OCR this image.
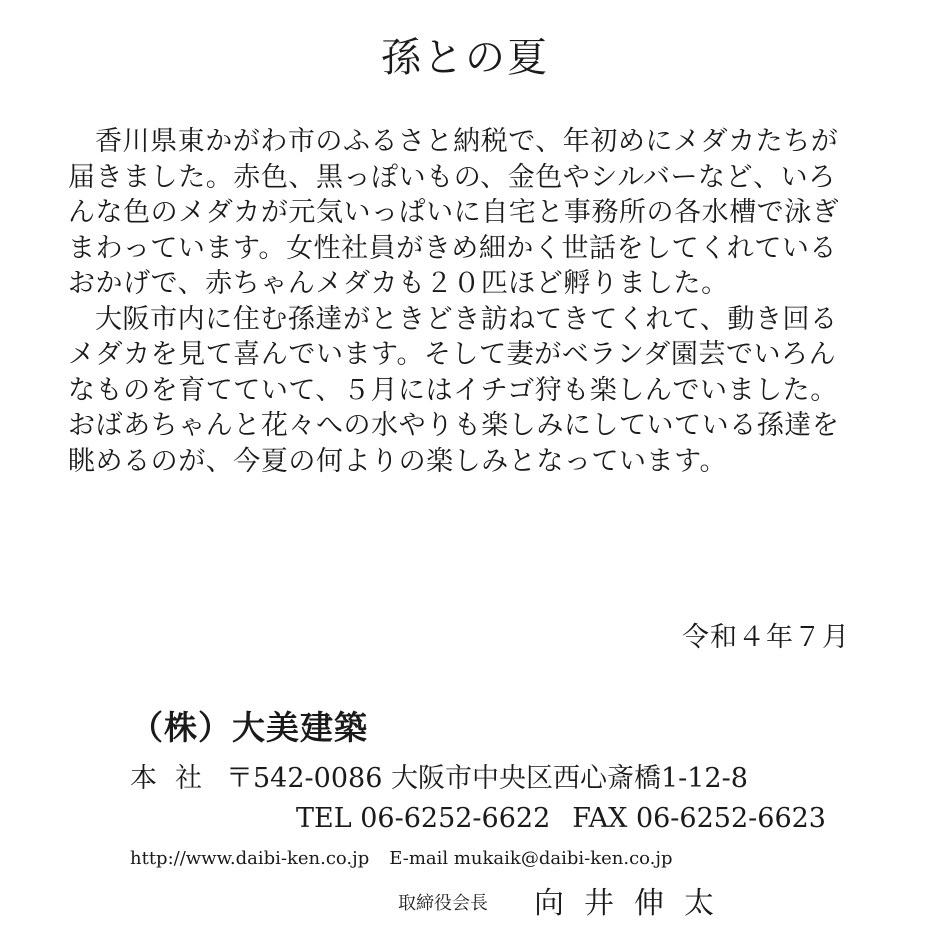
孫との夏

香川県東かがわ市のふるさと納税で、年初めにメダカたちが届きました。赤色、黒っぽいもの、金色やシルバーなど、いろんな色のメダカが元気いっぱいに自宅と事務所の各水槽で泳ぎまわっています。女性社員がきめ細かく世話をしてくれているおかげで、赤ちゃんメダカも２０匹ほど孵りました。

大阪市内に住む孫達がときどき訪ねてきてくれて、動き回るメダカを見て喜んでいます。そして妻がベランダ園芸でいろんなものを育てていて、５月にはイチゴ狩も楽しんでいました。おばあちゃんと花々への水やりも楽しみにしていている孫達を眺めるのが、今夏の何よりの楽しみとなっています。

令和４年７月
（株）大美建築
本社 〒542-0086 大阪市中央区西心斎橋1-12-8
TEL 06-6252-6622 FAX 06-6252-6623
http://www.daibi-ken.co.jp E-mail mukaik@daibi-ken.co.jp
取締役会長 向井伸太
